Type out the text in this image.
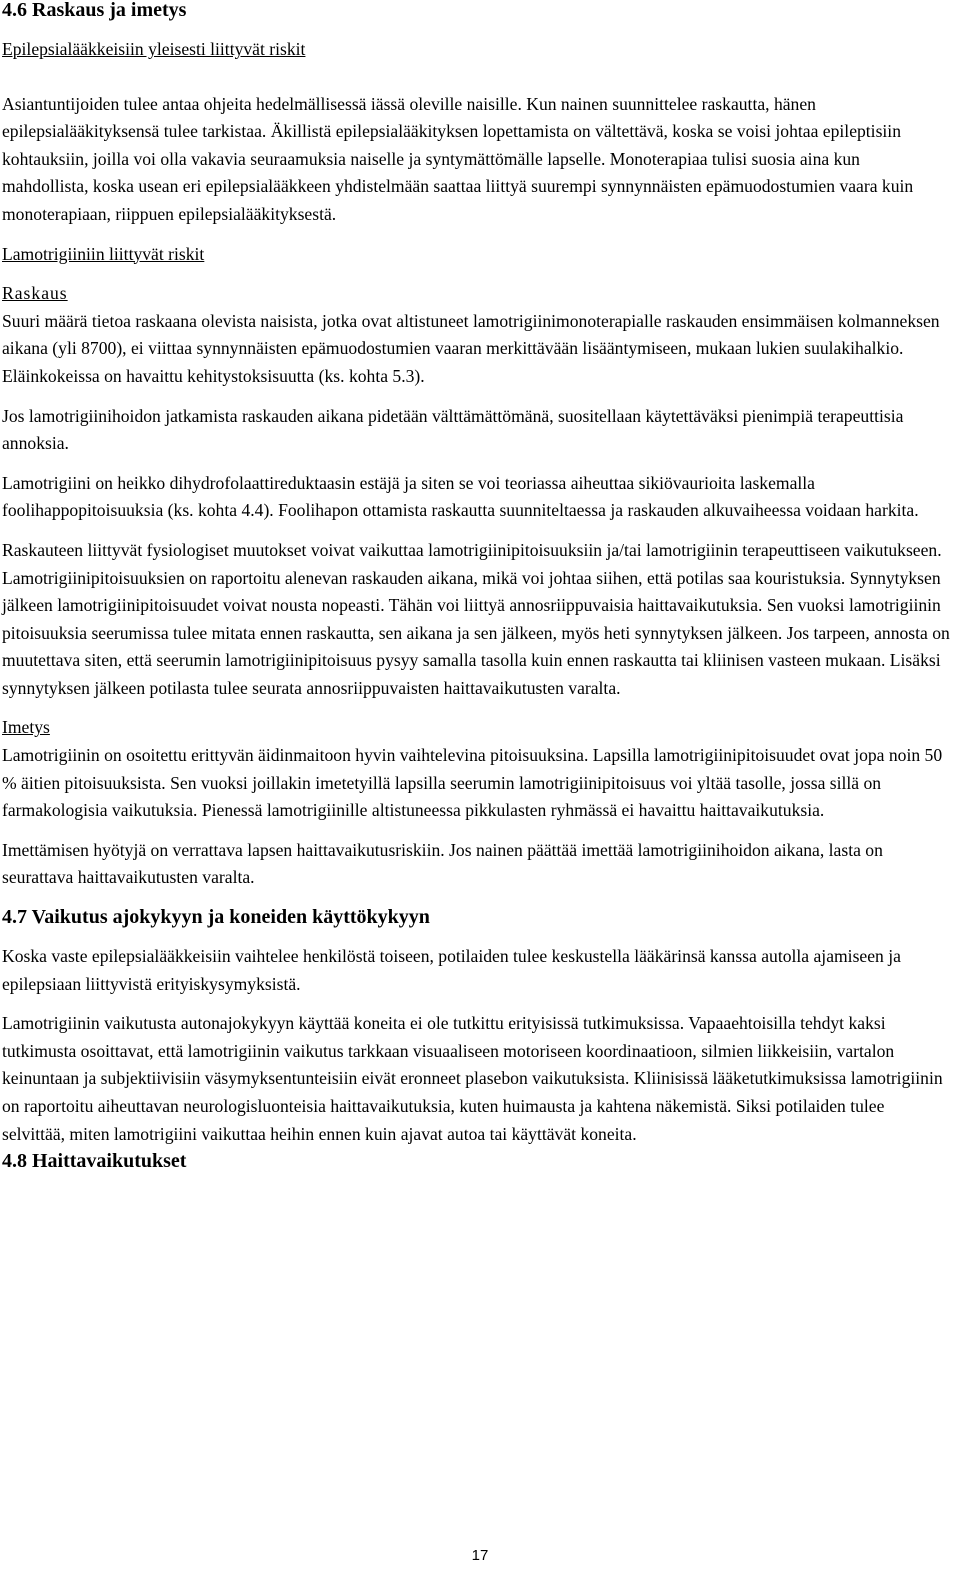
4.6 Raskaus ja imetys

Epilepsialääkkeisiin yleisesti liittyvät riskit

Asiantuntijoiden tulee antaa ohjeita hedelmällisessä iässä oleville naisille. Kun nainen suunnittelee raskautta, hänen epilepsialääkityksensä tulee tarkistaa. Äkillistä epilepsialääkityksen lopettamista on vältettävä, koska se voisi johtaa epileptisiin kohtauksiin, joilla voi olla vakavia seuraamuksia naiselle ja syntymättömälle lapselle. Monoterapiaa tulisi suosia aina kun mahdollista, koska usean eri epilepsialääkkeen yhdistelmään saattaa liittyä suurempi synnynnäisten epämuodostumien vaara kuin monoterapiaan, riippuen epilepsialääkityksestä.

Lamotrigiiniin liittyvät riskit

Raskaus

Suuri määrä tietoa raskaana olevista naisista, jotka ovat altistuneet lamotrigiinimonoterapialle raskauden ensimmäisen kolmanneksen aikana (yli 8700), ei viittaa synnynnäisten epämuodostumien vaaran merkittävään lisääntymiseen, mukaan lukien suulakihalkio.

Eläinkokeissa on havaittu kehitystoksisuutta (ks. kohta 5.3).

Jos lamotrigiinihoidon jatkamista raskauden aikana pidetään välttämättömänä, suositellaan käytettäväksi pienimpiä terapeuttisia annoksia.

Lamotrigiini on heikko dihydrofolaattireduktaasin estäjä ja siten se voi teoriassa aiheuttaa sikiövaurioita laskemalla foolihappopitoisuuksia (ks. kohta 4.4). Foolihapon ottamista raskautta suunniteltaessa ja raskauden alkuvaiheessa voidaan harkita.

Raskauteen liittyvät fysiologiset muutokset voivat vaikuttaa lamotrigiinipitoisuuksiin ja/tai lamotrigiinin terapeuttiseen vaikutukseen. Lamotrigiinipitoisuuksien on raportoitu alenevan raskauden aikana, mikä voi johtaa siihen, että potilas saa kouristuksia. Synnytyksen jälkeen lamotrigiinipitoisuudet voivat nousta nopeasti. Tähän voi liittyä annosriippuvaisia haittavaikutuksia. Sen vuoksi lamotrigiinin pitoisuuksia seerumissa tulee mitata ennen raskautta, sen aikana ja sen jälkeen, myös heti synnytyksen jälkeen. Jos tarpeen, annosta on muutettava siten, että seerumin lamotrigiinipitoisuus pysyy samalla tasolla kuin ennen raskautta tai kliinisen vasteen mukaan. Lisäksi synnytyksen jälkeen potilasta tulee seurata annosriippuvaisten haittavaikutusten varalta.

Imetys

Lamotrigiinin on osoitettu erittyvän äidinmaitoon hyvin vaihtelevina pitoisuuksina. Lapsilla lamotrigiinipitoisuudet ovat jopa noin 50 % äitien pitoisuuksista. Sen vuoksi joillakin imetetyillä lapsilla seerumin lamotrigiinipitoisuus voi yltää tasolle, jossa sillä on farmakologisia vaikutuksia. Pienessä lamotrigiinille altistuneessa pikkulasten ryhmässä ei havaittu haittavaikutuksia.

Imettämisen hyötyjä on verrattava lapsen haittavaikutusriskiin. Jos nainen päättää imettää lamotrigiinihoidon aikana, lasta on seurattava haittavaikutusten varalta.

4.7 Vaikutus ajokykyyn ja koneiden käyttökykyyn

Koska vaste epilepsialääkkeisiin vaihtelee henkilöstä toiseen, potilaiden tulee keskustella lääkärinsä kanssa autolla ajamiseen ja epilepsiaan liittyvistä erityiskysymyksistä.

Lamotrigiinin vaikutusta autonajokykyyn käyttää koneita ei ole tutkittu erityisissä tutkimuksissa. Vapaaehtoisilla tehdyt kaksi tutkimusta osoittavat, että lamotrigiinin vaikutus tarkkaan visuaaliseen motoriseen koordinaatioon, silmien liikkeisiin, vartalon keinuntaan ja subjektiivisiin väsymyksentunteisiin eivät eronneet plasebon vaikutuksista. Kliinisissä lääketutkimuksissa lamotrigiinin on raportoitu aiheuttavan neurologisluonteisia haittavaikutuksia, kuten huimausta ja kahtena näkemistä. Siksi potilaiden tulee selvittää, miten lamotrigiini vaikuttaa heihin ennen kuin ajavat autoa tai käyttävät koneita.

4.8 Haittavaikutukset
17
